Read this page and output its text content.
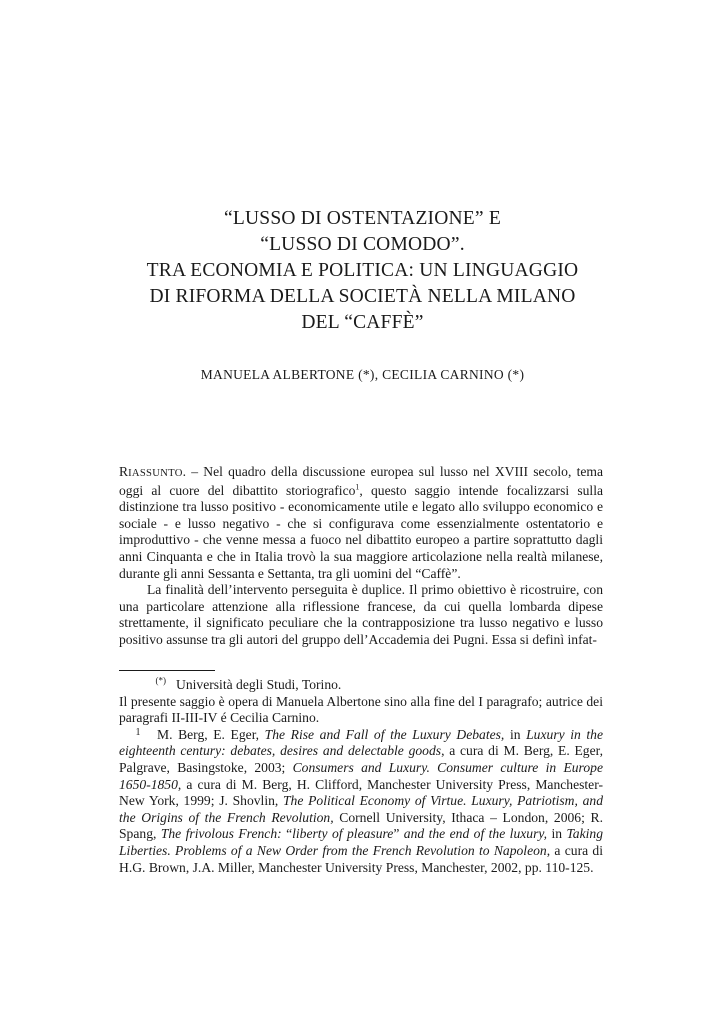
“LUSSO DI OSTENTAZIONE” E
“LUSSO DI COMODO”.
TRA ECONOMIA E POLITICA: UN LINGUAGGIO
DI RIFORMA DELLA SOCIETÀ NELLA MILANO
DEL “CAFFÈ”
MANUELA ALBERTONE (*), CECILIA CARNINO (*)

RIASSUNTO. – Nel quadro della discussione europea sul lusso nel XVIII secolo, tema oggi al cuore del dibattito storiografico$^1$, questo saggio intende focalizzarsi sulla distinzione tra lusso positivo - economicamente utile e legato allo sviluppo economico e sociale - e lusso negativo - che si configurava come essenzialmente ostentatorio e improduttivo - che venne messa a fuoco nel dibattito europeo a partire soprattutto dagli anni Cinquanta e che in Italia trovò la sua maggiore articolazione nella realtà milanese, durante gli anni Sessanta e Settanta, tra gli uomini del “Caffè”.

La finalità dell’intervento perseguita è duplice. Il primo obiettivo è ricostruire, con una particolare attenzione alla riflessione francese, da cui quella lombarda dipese strettamente, il significato peculiare che la contrapposizione tra lusso negativo e lusso positivo assunse tra gli autori del gruppo dell’Accademia dei Pugni. Essa si definì infat-

(*) Università degli Studi, Torino.

Il presente saggio è opera di Manuela Albertone sino alla fine del I paragrafo; autrice dei paragrafi II-III-IV é Cecilia Carnino.

1 M. Berg, E. Eger, The Rise and Fall of the Luxury Debates, in Luxury in the eighteenth century: debates, desires and delectable goods, a cura di M. Berg, E. Eger, Palgrave, Basingstoke, 2003; Consumers and Luxury. Consumer culture in Europe 1650-1850, a cura di M. Berg, H. Clifford, Manchester University Press, Manchester-New York, 1999; J. Shovlin, The Political Economy of Virtue. Luxury, Patriotism, and the Origins of the French Revolution, Cornell University, Ithaca – London, 2006; R. Spang, The frivolous French: “liberty of pleasure” and the end of the luxury, in Taking Liberties. Problems of a New Order from the French Revolution to Napoleon, a cura di H.G. Brown, J.A. Miller, Manchester University Press, Manchester, 2002, pp. 110-125.
